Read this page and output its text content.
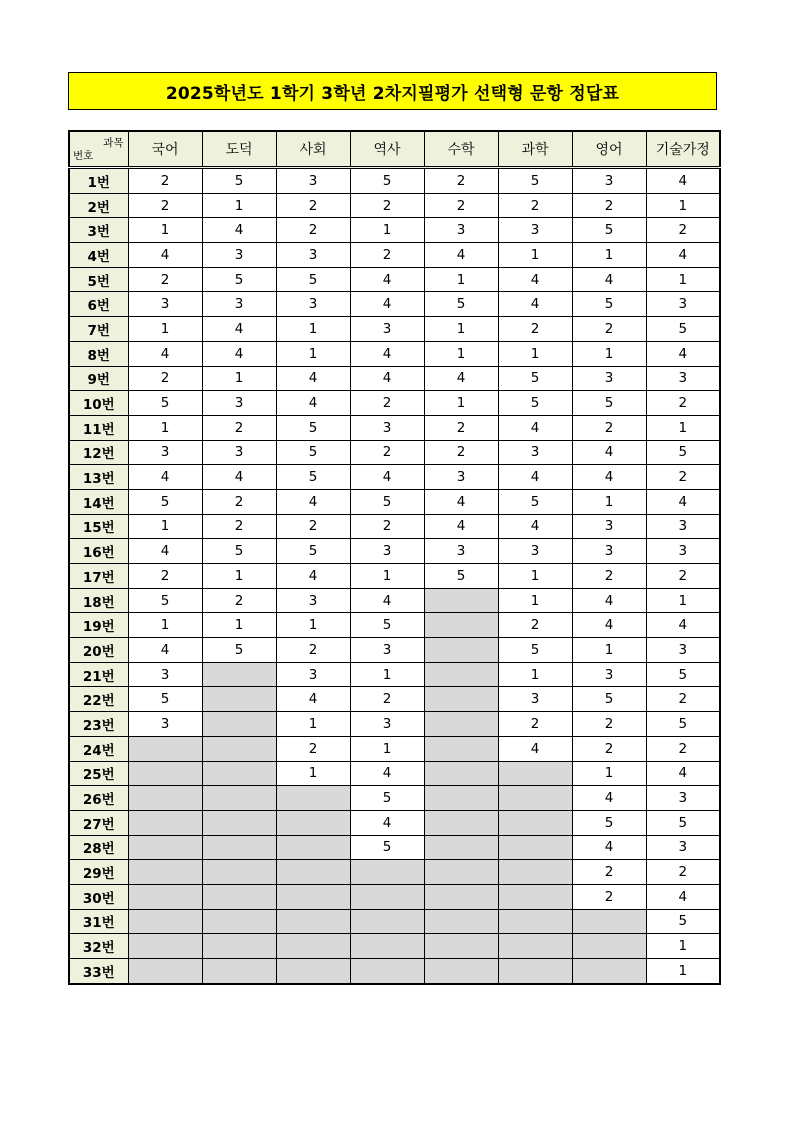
2025학년도 1학기 3학년 2차지필평가 선택형 문항 정답표
과목
번호	국어	도덕	사회	역사	수학	과학	영어	기술가정
1번	2	5	3	5	2	5	3	4
2번	2	1	2	2	2	2	2	1
3번	1	4	2	1	3	3	5	2
4번	4	3	3	2	4	1	1	4
5번	2	5	5	4	1	4	4	1
6번	3	3	3	4	5	4	5	3
7번	1	4	1	3	1	2	2	5
8번	4	4	1	4	1	1	1	4
9번	2	1	4	4	4	5	3	3
10번	5	3	4	2	1	5	5	2
11번	1	2	5	3	2	4	2	1
12번	3	3	5	2	2	3	4	5
13번	4	4	5	4	3	4	4	2
14번	5	2	4	5	4	5	1	4
15번	1	2	2	2	4	4	3	3
16번	4	5	5	3	3	3	3	3
17번	2	1	4	1	5	1	2	2
18번	5	2	3	4		1	4	1
19번	1	1	1	5		2	4	4
20번	4	5	2	3		5	1	3
21번	3		3	1		1	3	5
22번	5		4	2		3	5	2
23번	3		1	3		2	2	5
24번			2	1		4	2	2
25번			1	4			1	4
26번				5			4	3
27번				4			5	5
28번				5			4	3
29번							2	2
30번							2	4
31번								5
32번								1
33번								1
